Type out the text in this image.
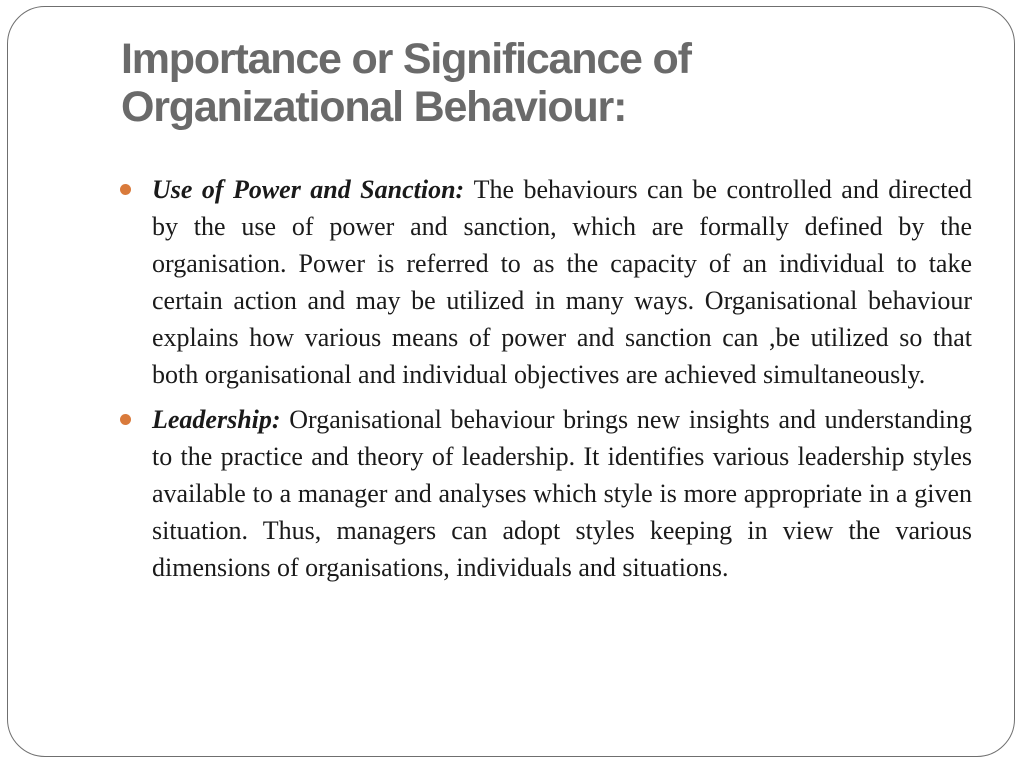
Importance or Significance of Organizational Behaviour:
Use of Power and Sanction: The behaviours can be controlled and directed by the use of power and sanction, which are formally defined by the organisation. Power is referred to as the capacity of an individual to take certain action and may be utilized in many ways. Organisational behaviour explains how various means of power and sanction can ,be utilized so that both organisational and individual objectives are achieved simultaneously.
Leadership: Organisational behaviour brings new insights and understanding to the practice and theory of leadership. It identifies various leadership styles available to a manager and analyses which style is more appropriate in a given situation. Thus, managers can adopt styles keeping in view the various dimensions of organisations, individuals and situations.
